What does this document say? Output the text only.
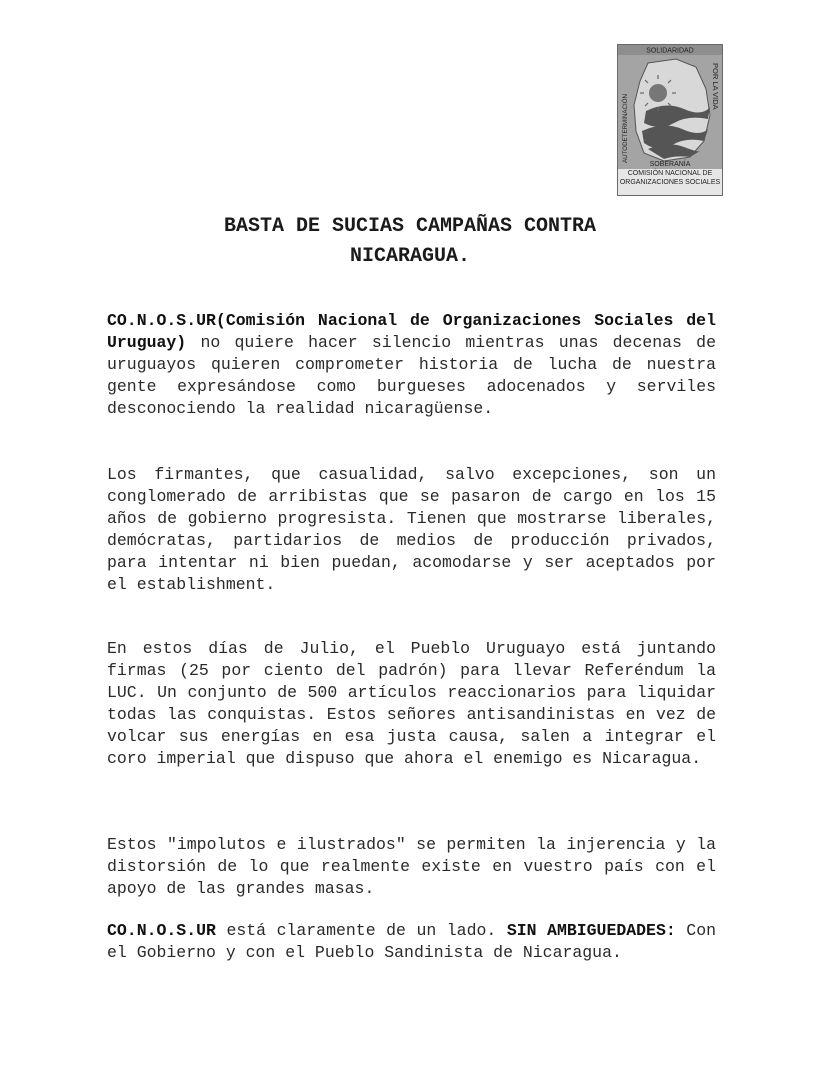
SOLIDARIDAD
AUTODETERMINACIÓN
POR LA VIDA
SOBERANÍA
COMISIÓN NACIONAL DE
ORGANIZACIONES SOCIALES
BASTA DE SUCIAS CAMPAÑAS CONTRA
NICARAGUA.

CO.N.O.S.UR(Comisión Nacional de Organizaciones Sociales del Uruguay) no quiere hacer silencio mientras unas decenas de uruguayos quieren comprometer historia de lucha de nuestra gente expresándose como burgueses adocenados y serviles desconociendo la realidad nicaragüense.

Los firmantes, que casualidad, salvo excepciones, son un conglomerado de arribistas que se pasaron de cargo en los 15 años de gobierno progresista. Tienen que mostrarse liberales, demócratas, partidarios de medios de producción privados, para intentar ni bien puedan, acomodarse y ser aceptados por el establishment.

En estos días de Julio, el Pueblo Uruguayo está juntando firmas (25 por ciento del padrón) para llevar Referéndum la LUC. Un conjunto de 500 artículos reaccionarios para liquidar todas las conquistas. Estos señores antisandinistas en vez de volcar sus energías en esa justa causa, salen a integrar el coro imperial que dispuso que ahora el enemigo es Nicaragua.

Estos "impolutos e ilustrados" se permiten la injerencia y la distorsión de lo que realmente existe en vuestro país con el apoyo de las grandes masas.

CO.N.O.S.UR está claramente de un lado. SIN AMBIGUEDADES: Con el Gobierno y con el Pueblo Sandinista de Nicaragua.
